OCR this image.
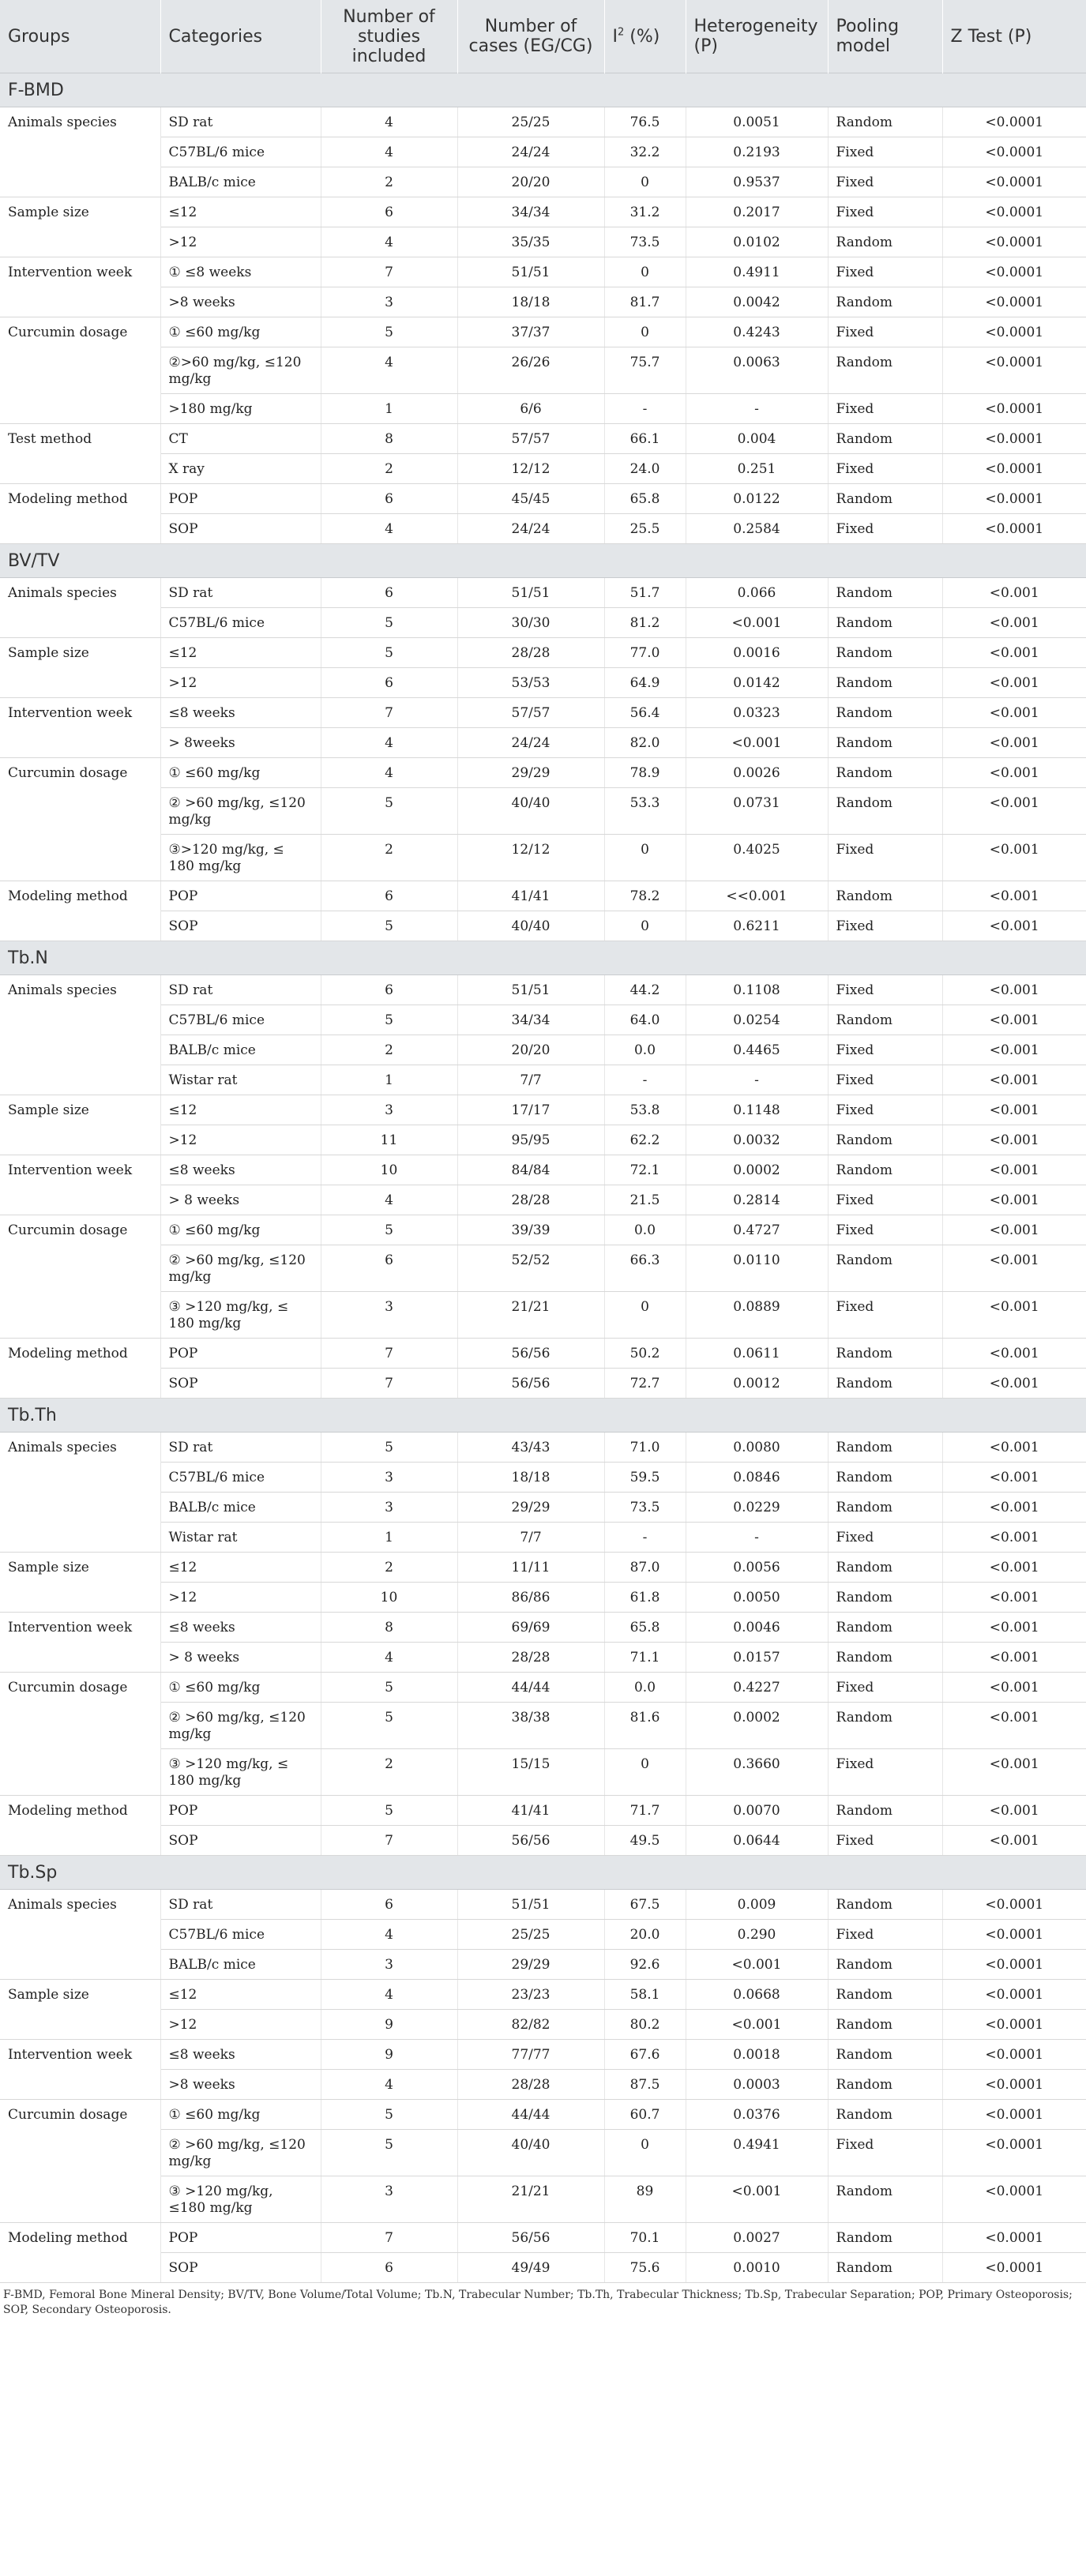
Groups	Categories	Number of studies included	Number of cases (EG/CG)	$I^2$ (%)	Heterogeneity (P)	Pooling model	Z Test (P)
F-BMD							
Animals species	SD rat	4	25/25	76.5	0.0051	Random	<0.0001
	C57BL/6 mice	4	24/24	32.2	0.2193	Fixed	<0.0001
	BALB/c mice	2	20/20	0	0.9537	Fixed	<0.0001
Sample size	≤12	6	34/34	31.2	0.2017	Fixed	<0.0001
	>12	4	35/35	73.5	0.0102	Random	<0.0001
Intervention week	① ≤8 weeks	7	51/51	0	0.4911	Fixed	<0.0001
	>8 weeks	3	18/18	81.7	0.0042	Random	<0.0001
Curcumin dosage	① ≤60 mg/kg	5	37/37	0	0.4243	Fixed	<0.0001
	②>60 mg/kg, ≤120 mg/kg	4	26/26	75.7	0.0063	Random	<0.0001
	>180 mg/kg	1	6/6	-	-	Fixed	<0.0001
Test method	CT	8	57/57	66.1	0.004	Random	<0.0001
	X ray	2	12/12	24.0	0.251	Fixed	<0.0001
Modeling method	POP	6	45/45	65.8	0.0122	Random	<0.0001
	SOP	4	24/24	25.5	0.2584	Fixed	<0.0001
BV/TV							
Animals species	SD rat	6	51/51	51.7	0.066	Random	<0.001
	C57BL/6 mice	5	30/30	81.2	<0.001	Random	<0.001
Sample size	≤12	5	28/28	77.0	0.0016	Random	<0.001
	>12	6	53/53	64.9	0.0142	Random	<0.001
Intervention week	≤8 weeks	7	57/57	56.4	0.0323	Random	<0.001
	> 8weeks	4	24/24	82.0	<0.001	Random	<0.001
Curcumin dosage	① ≤60 mg/kg	4	29/29	78.9	0.0026	Random	<0.001
	② >60 mg/kg, ≤120 mg/kg	5	40/40	53.3	0.0731	Random	<0.001
	③>120 mg/kg, ≤ 180 mg/kg	2	12/12	0	0.4025	Fixed	<0.001
Modeling method	POP	6	41/41	78.2	<<0.001	Random	<0.001
	SOP	5	40/40	0	0.6211	Fixed	<0.001
Tb.N							
Animals species	SD rat	6	51/51	44.2	0.1108	Fixed	<0.001
	C57BL/6 mice	5	34/34	64.0	0.0254	Random	<0.001
	BALB/c mice	2	20/20	0.0	0.4465	Fixed	<0.001
	Wistar rat	1	7/7	-	-	Fixed	<0.001
Sample size	≤12	3	17/17	53.8	0.1148	Fixed	<0.001
	>12	11	95/95	62.2	0.0032	Random	<0.001
Intervention week	≤8 weeks	10	84/84	72.1	0.0002	Random	<0.001
	> 8 weeks	4	28/28	21.5	0.2814	Fixed	<0.001
Curcumin dosage	① ≤60 mg/kg	5	39/39	0.0	0.4727	Fixed	<0.001
	② >60 mg/kg, ≤120 mg/kg	6	52/52	66.3	0.0110	Random	<0.001
	③ >120 mg/kg, ≤ 180 mg/kg	3	21/21	0	0.0889	Fixed	<0.001
Modeling method	POP	7	56/56	50.2	0.0611	Random	<0.001
	SOP	7	56/56	72.7	0.0012	Random	<0.001
Tb.Th							
Animals species	SD rat	5	43/43	71.0	0.0080	Random	<0.001
	C57BL/6 mice	3	18/18	59.5	0.0846	Random	<0.001
	BALB/c mice	3	29/29	73.5	0.0229	Random	<0.001
	Wistar rat	1	7/7	-	-	Fixed	<0.001
Sample size	≤12	2	11/11	87.0	0.0056	Random	<0.001
	>12	10	86/86	61.8	0.0050	Random	<0.001
Intervention week	≤8 weeks	8	69/69	65.8	0.0046	Random	<0.001
	> 8 weeks	4	28/28	71.1	0.0157	Random	<0.001
Curcumin dosage	① ≤60 mg/kg	5	44/44	0.0	0.4227	Fixed	<0.001
	② >60 mg/kg, ≤120 mg/kg	5	38/38	81.6	0.0002	Random	<0.001
	③ >120 mg/kg, ≤ 180 mg/kg	2	15/15	0	0.3660	Fixed	<0.001
Modeling method	POP	5	41/41	71.7	0.0070	Random	<0.001
	SOP	7	56/56	49.5	0.0644	Fixed	<0.001
Tb.Sp							
Animals species	SD rat	6	51/51	67.5	0.009	Random	<0.0001
	C57BL/6 mice	4	25/25	20.0	0.290	Fixed	<0.0001
	BALB/c mice	3	29/29	92.6	<0.001	Random	<0.0001
Sample size	≤12	4	23/23	58.1	0.0668	Random	<0.0001
	>12	9	82/82	80.2	<0.001	Random	<0.0001
Intervention week	≤8 weeks	9	77/77	67.6	0.0018	Random	<0.0001
	>8 weeks	4	28/28	87.5	0.0003	Random	<0.0001
Curcumin dosage	① ≤60 mg/kg	5	44/44	60.7	0.0376	Random	<0.0001
	② >60 mg/kg, ≤120 mg/kg	5	40/40	0	0.4941	Fixed	<0.0001
	③ >120 mg/kg, ≤180 mg/kg	3	21/21	89	<0.001	Random	<0.0001
Modeling method	POP	7	56/56	70.1	0.0027	Random	<0.0001
	SOP	6	49/49	75.6	0.0010	Random	<0.0001
F-BMD, Femoral Bone Mineral Density; BV/TV, Bone Volume/Total Volume; Tb.N, Trabecular Number; Tb.Th, Trabecular Thickness; Tb.Sp, Trabecular Separation; POP, Primary Osteoporosis; SOP, Secondary Osteoporosis.
